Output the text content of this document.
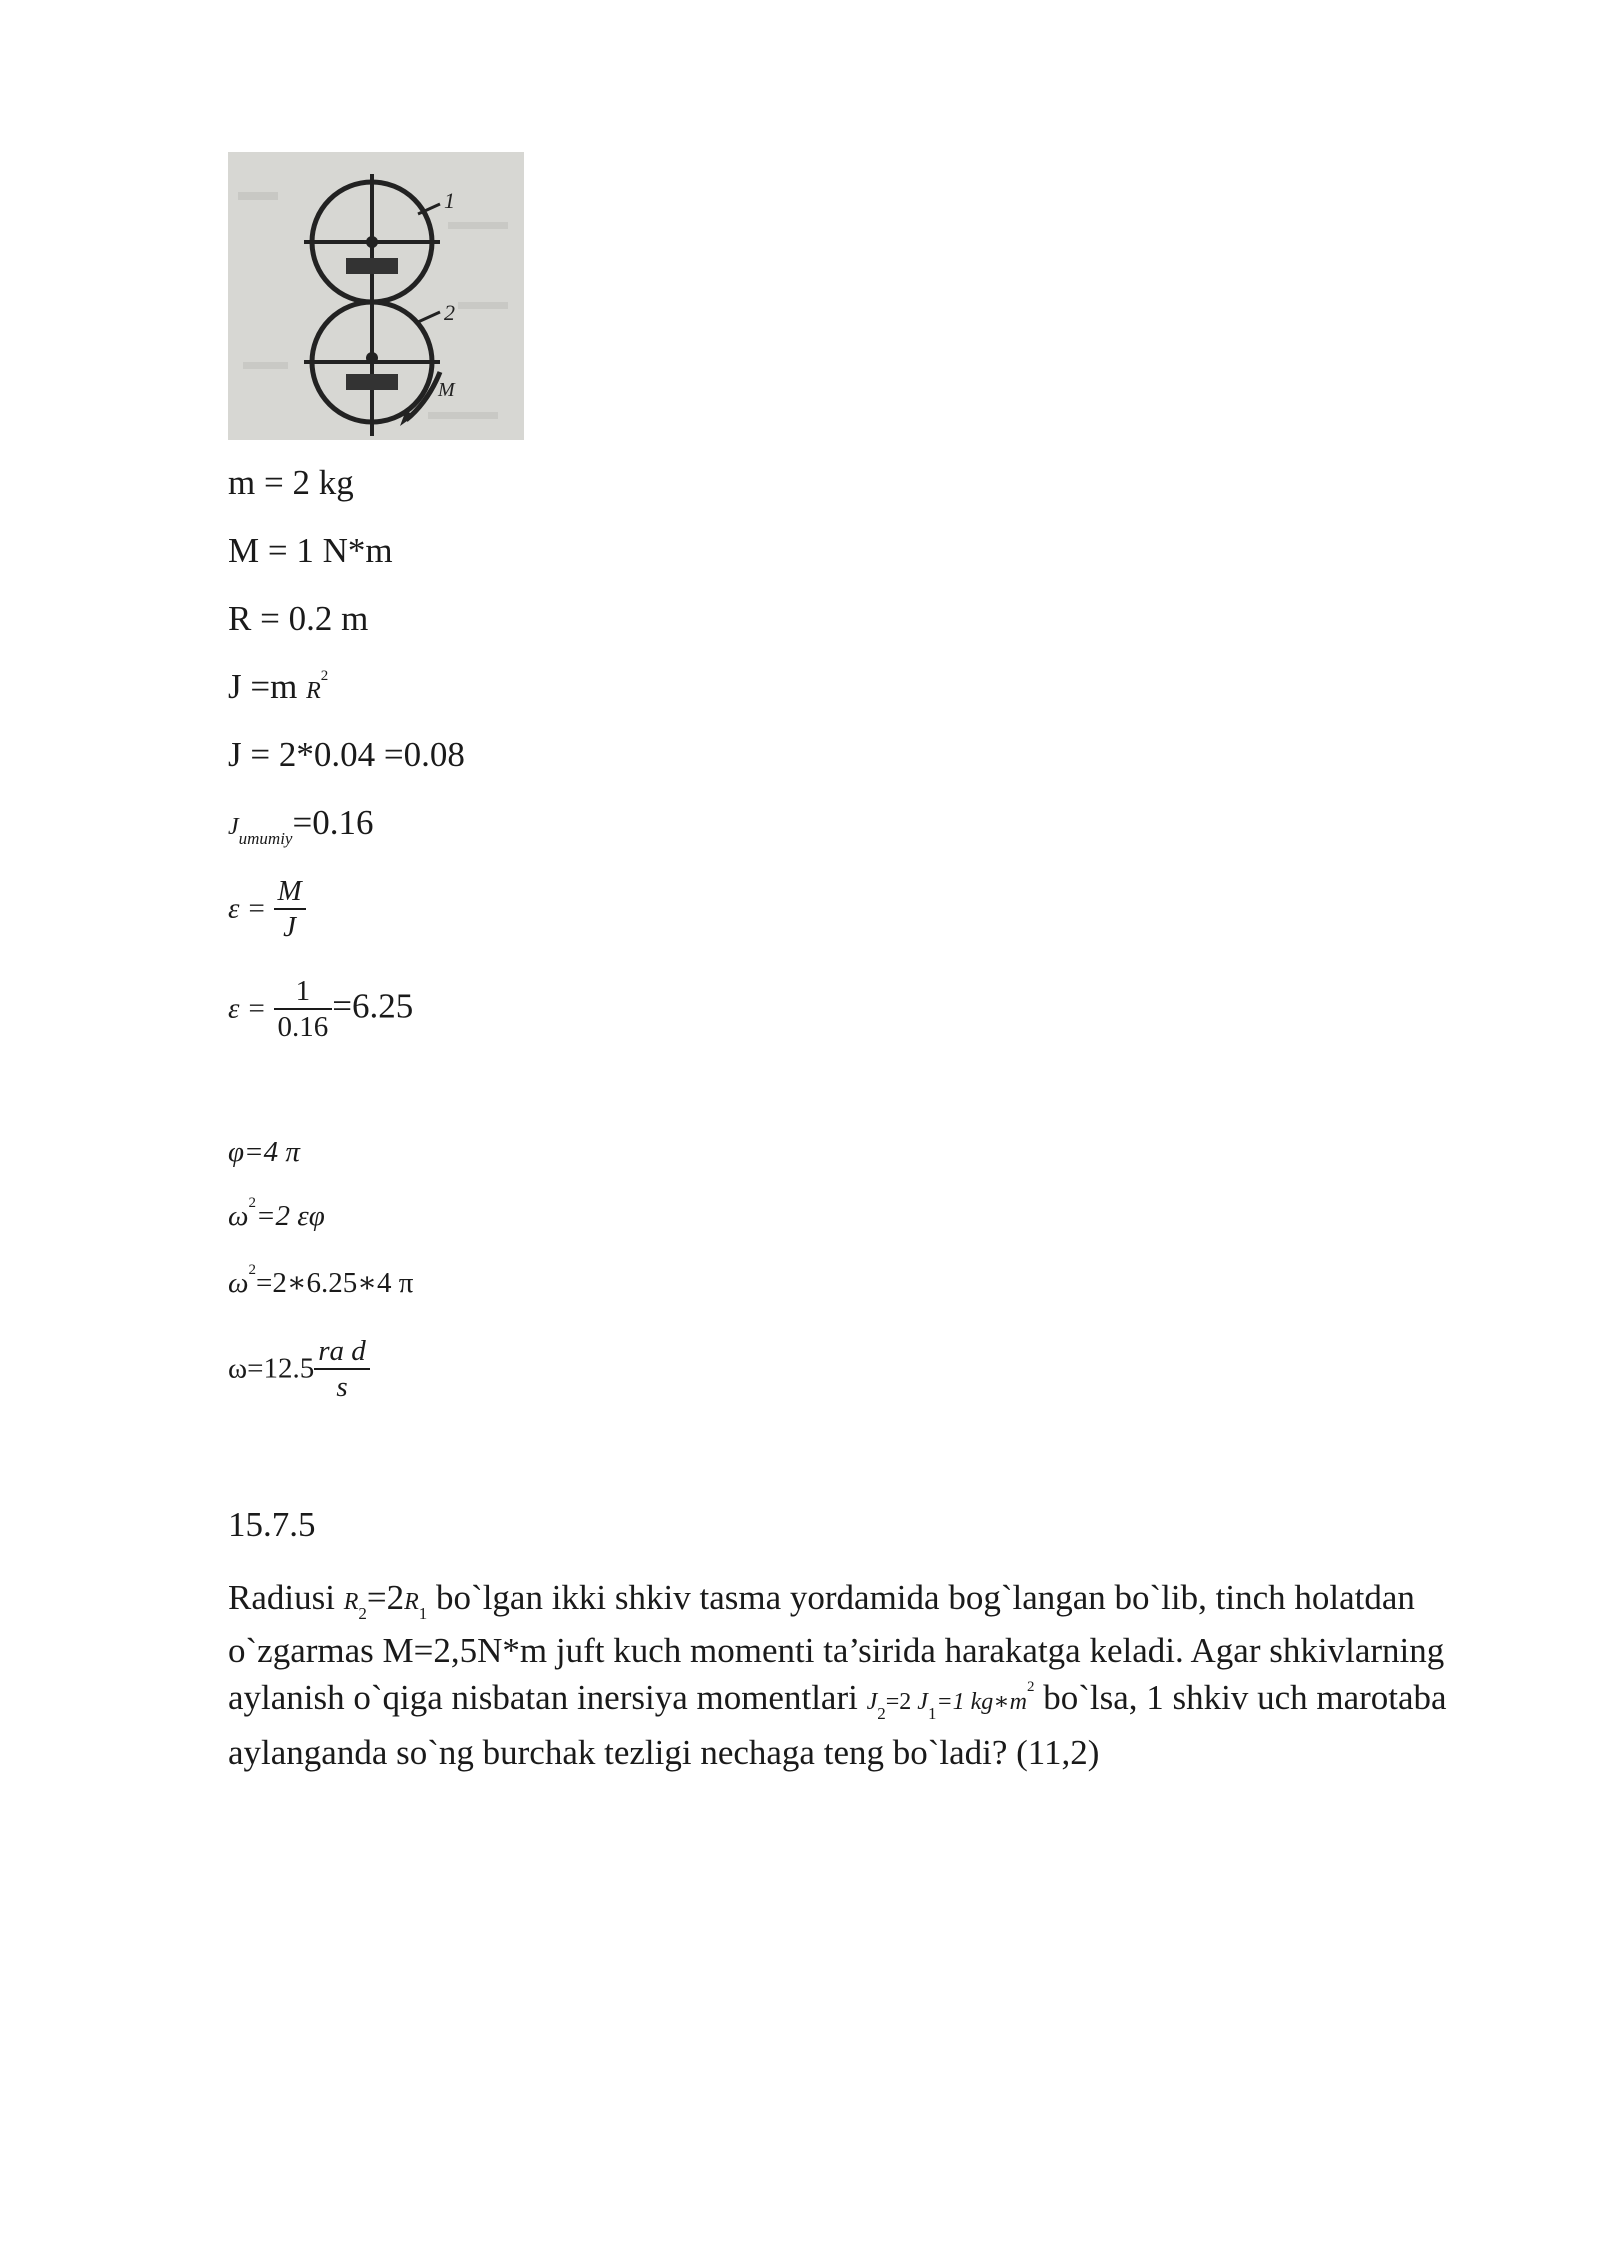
1
2
M
m = 2 kg
M = 1 N*m
R = 0.2 m
J =m $R^2$
J = 2*0.04 =0.08
$J_{umumiy}=0.16$
$\varepsilon = \frac{M}{J}$
$\varepsilon = \frac{1}{0.16} =6.25$
φ=4 π
$\omega^2=2$ εφ
$\omega^2=2∗6.25∗4$ π
$\omega=12.5 \frac{\text{ra d}}{s}$
15.7.5
Radiusi $R_2=2R_1$ bo`lgan ikki shkiv tasma yordamida bog`langan bo`lib, tinch holatdan o`zgarmas M=2,5N*m juft kuch momenti ta’sirida harakatga keladi. Agar shkivlarning aylanish o`qiga nisbatan inersiya momentlari $J_2=2$ $J_1=1$ $kg∗m^2$ bo`lsa, 1 shkiv uch marotaba aylanganda so`ng burchak tezligi nechaga teng bo`ladi? (11,2)
